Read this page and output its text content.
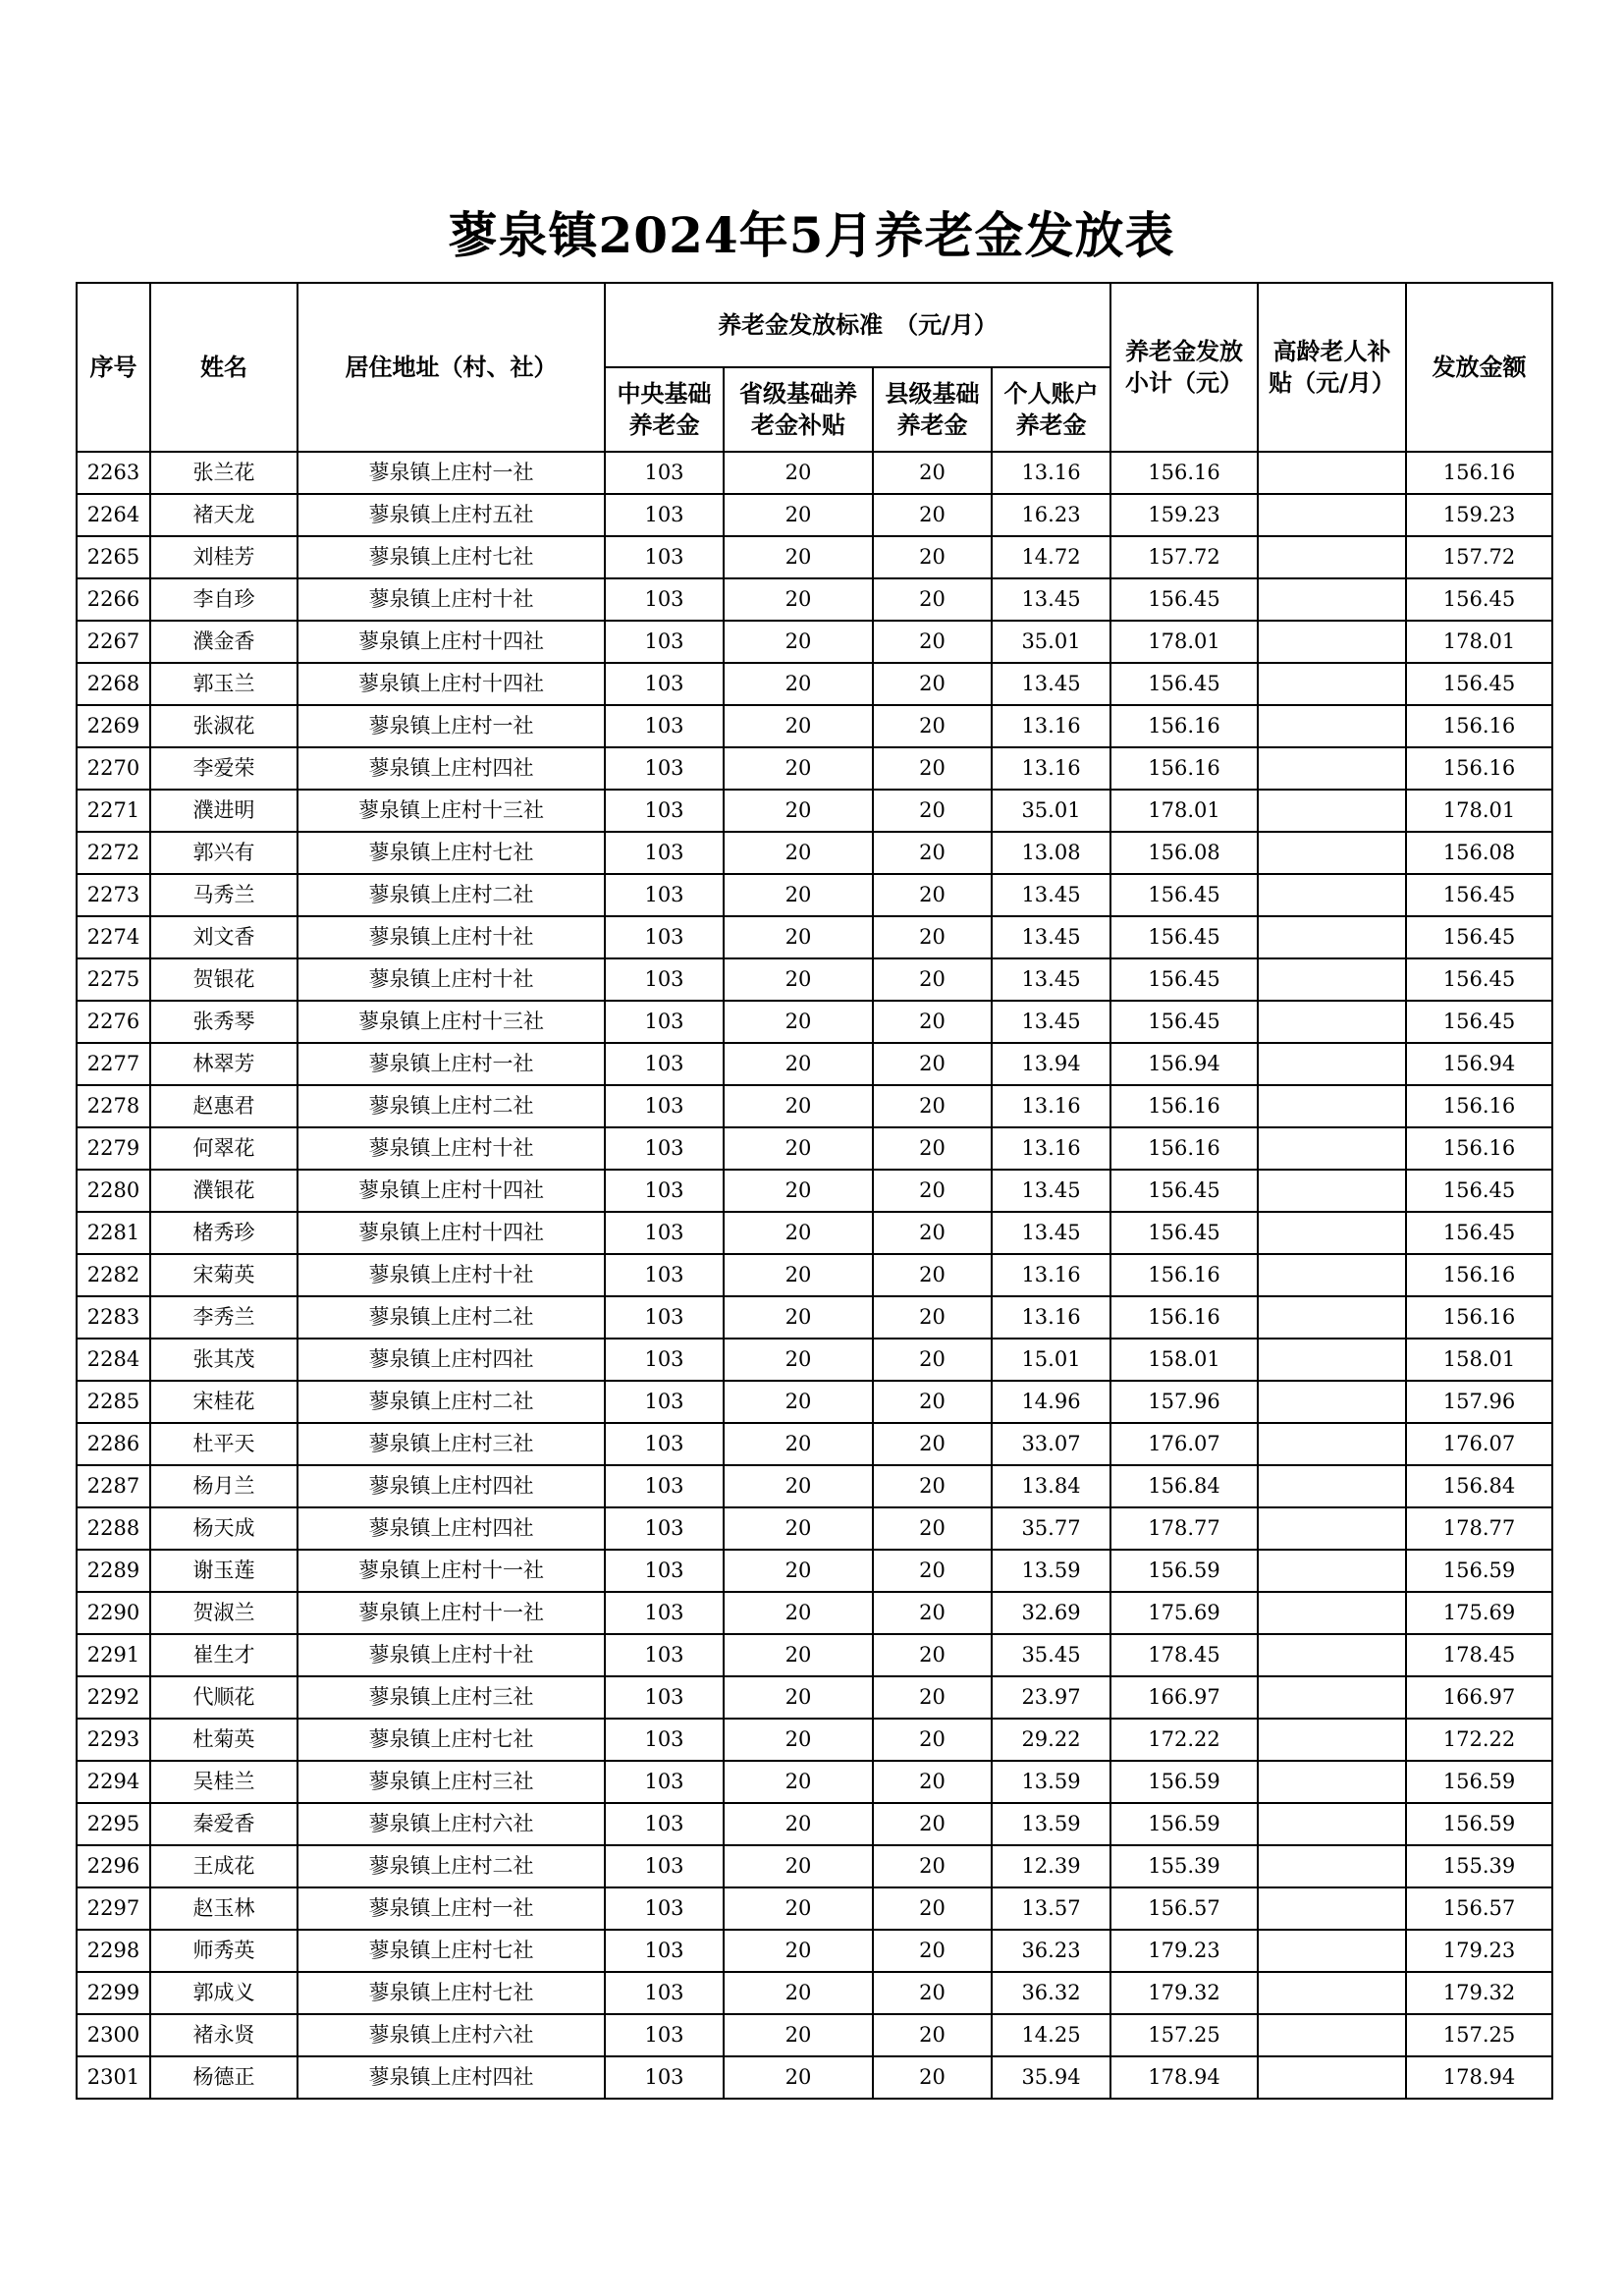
蓼泉镇2024年5月养老金发放表
序号	姓名	居住地址（村、社）	养老金发放标准　（元/月）				养老金发放小计（元）	高龄老人补贴（元/月）	发放金额
			中央基础养老金	省级基础养老金补贴	县级基础养老金	个人账户养老金			
2263	张兰花	蓼泉镇上庄村一社	103	20	20	13.16	156.16		156.16
2264	褚天龙	蓼泉镇上庄村五社	103	20	20	16.23	159.23		159.23
2265	刘桂芳	蓼泉镇上庄村七社	103	20	20	14.72	157.72		157.72
2266	李自珍	蓼泉镇上庄村十社	103	20	20	13.45	156.45		156.45
2267	濮金香	蓼泉镇上庄村十四社	103	20	20	35.01	178.01		178.01
2268	郭玉兰	蓼泉镇上庄村十四社	103	20	20	13.45	156.45		156.45
2269	张淑花	蓼泉镇上庄村一社	103	20	20	13.16	156.16		156.16
2270	李爱荣	蓼泉镇上庄村四社	103	20	20	13.16	156.16		156.16
2271	濮进明	蓼泉镇上庄村十三社	103	20	20	35.01	178.01		178.01
2272	郭兴有	蓼泉镇上庄村七社	103	20	20	13.08	156.08		156.08
2273	马秀兰	蓼泉镇上庄村二社	103	20	20	13.45	156.45		156.45
2274	刘文香	蓼泉镇上庄村十社	103	20	20	13.45	156.45		156.45
2275	贺银花	蓼泉镇上庄村十社	103	20	20	13.45	156.45		156.45
2276	张秀琴	蓼泉镇上庄村十三社	103	20	20	13.45	156.45		156.45
2277	林翠芳	蓼泉镇上庄村一社	103	20	20	13.94	156.94		156.94
2278	赵惠君	蓼泉镇上庄村二社	103	20	20	13.16	156.16		156.16
2279	何翠花	蓼泉镇上庄村十社	103	20	20	13.16	156.16		156.16
2280	濮银花	蓼泉镇上庄村十四社	103	20	20	13.45	156.45		156.45
2281	楮秀珍	蓼泉镇上庄村十四社	103	20	20	13.45	156.45		156.45
2282	宋菊英	蓼泉镇上庄村十社	103	20	20	13.16	156.16		156.16
2283	李秀兰	蓼泉镇上庄村二社	103	20	20	13.16	156.16		156.16
2284	张其茂	蓼泉镇上庄村四社	103	20	20	15.01	158.01		158.01
2285	宋桂花	蓼泉镇上庄村二社	103	20	20	14.96	157.96		157.96
2286	杜平天	蓼泉镇上庄村三社	103	20	20	33.07	176.07		176.07
2287	杨月兰	蓼泉镇上庄村四社	103	20	20	13.84	156.84		156.84
2288	杨天成	蓼泉镇上庄村四社	103	20	20	35.77	178.77		178.77
2289	谢玉莲	蓼泉镇上庄村十一社	103	20	20	13.59	156.59		156.59
2290	贺淑兰	蓼泉镇上庄村十一社	103	20	20	32.69	175.69		175.69
2291	崔生才	蓼泉镇上庄村十社	103	20	20	35.45	178.45		178.45
2292	代顺花	蓼泉镇上庄村三社	103	20	20	23.97	166.97		166.97
2293	杜菊英	蓼泉镇上庄村七社	103	20	20	29.22	172.22		172.22
2294	吴桂兰	蓼泉镇上庄村三社	103	20	20	13.59	156.59		156.59
2295	秦爱香	蓼泉镇上庄村六社	103	20	20	13.59	156.59		156.59
2296	王成花	蓼泉镇上庄村二社	103	20	20	12.39	155.39		155.39
2297	赵玉林	蓼泉镇上庄村一社	103	20	20	13.57	156.57		156.57
2298	师秀英	蓼泉镇上庄村七社	103	20	20	36.23	179.23		179.23
2299	郭成义	蓼泉镇上庄村七社	103	20	20	36.32	179.32		179.32
2300	褚永贤	蓼泉镇上庄村六社	103	20	20	14.25	157.25		157.25
2301	杨德正	蓼泉镇上庄村四社	103	20	20	35.94	178.94		178.94
